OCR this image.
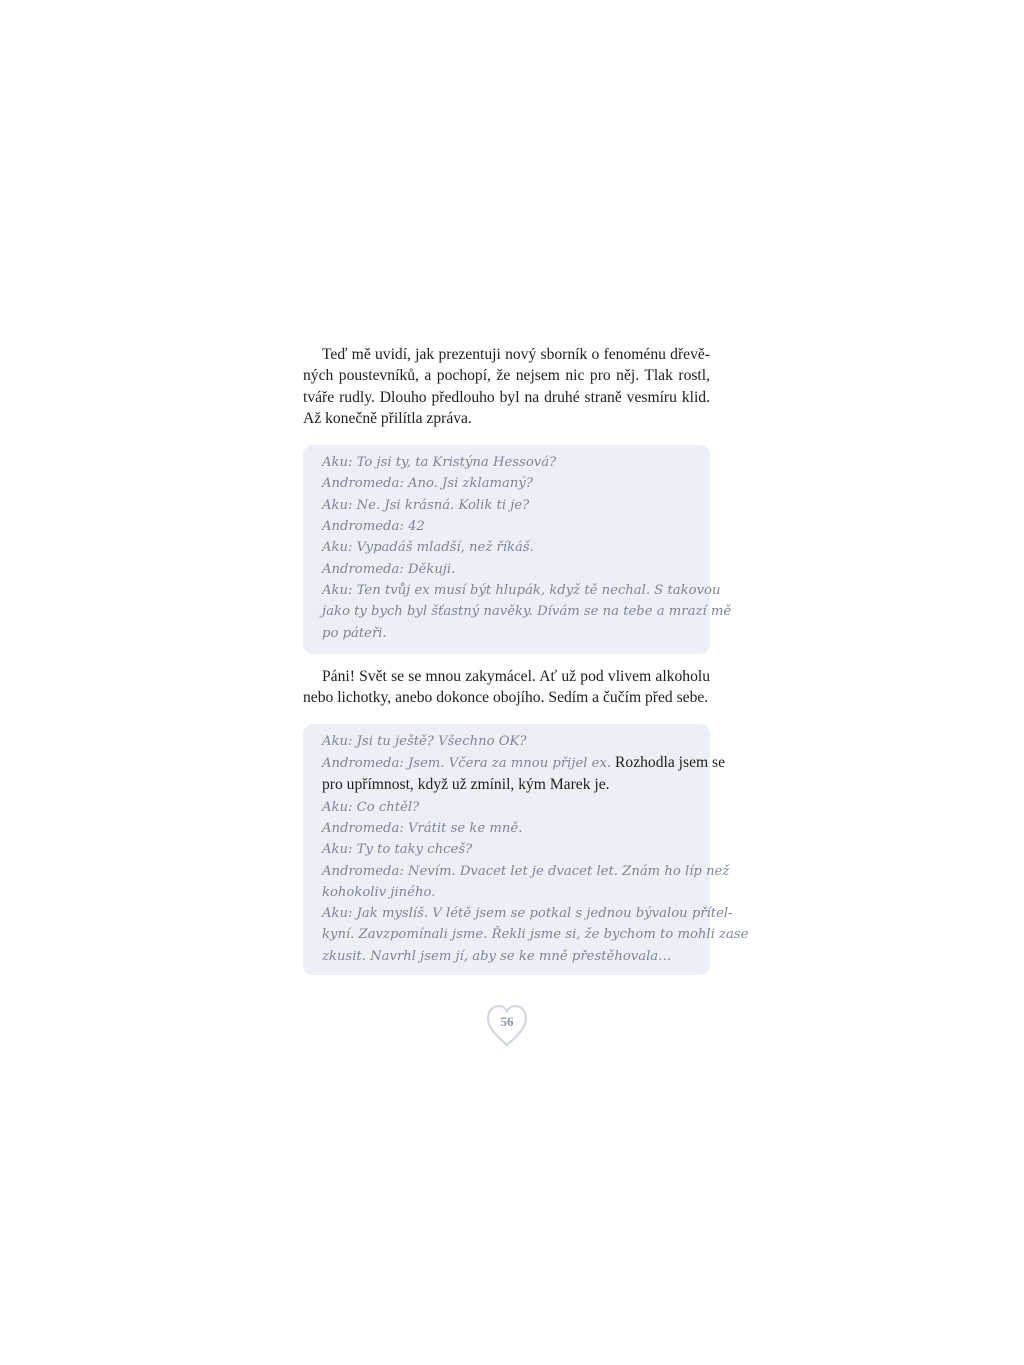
Teď mě uvidí, jak prezentuji nový sborník o fenoménu dřevě-
ných poustevníků, a pochopí, že nejsem nic pro něj. Tlak rostl,
tváře rudly. Dlouho předlouho byl na druhé straně vesmíru klid.
Až konečně přilítla zpráva.

Aku: To jsi ty, ta Kristýna Hessová?
Andromeda: Ano. Jsi zklamaný?
Aku: Ne. Jsi krásná. Kolik ti je?
Andromeda: 42
Aku: Vypadáš mladší, než říkáš.
Andromeda: Děkuji.
Aku: Ten tvůj ex musí být hlupák, když tě nechal. S takovou
jako ty bych byl šťastný navěky. Dívám se na tebe a mrazí mě
po páteři.

Páni! Svět se se mnou zakymácel. Ať už pod vlivem alkoholu
nebo lichotky, anebo dokonce obojího. Sedím a čučím před sebe.

Aku: Jsi tu ještě? Všechno OK?
Andromeda: Jsem. Včera za mnou přijel ex. Rozhodla jsem se
pro upřímnost, když už zmínil, kým Marek je.
Aku: Co chtěl?
Andromeda: Vrátit se ke mně.
Aku: Ty to taky chceš?
Andromeda: Nevím. Dvacet let je dvacet let. Znám ho líp než
kohokoliv jiného.
Aku: Jak myslíš. V létě jsem se potkal s jednou bývalou přítel-
kyní. Zavzpomínali jsme. Řekli jsme si, že bychom to mohli zase
zkusit. Navrhl jsem jí, aby se ke mně přestěhovala…
56
